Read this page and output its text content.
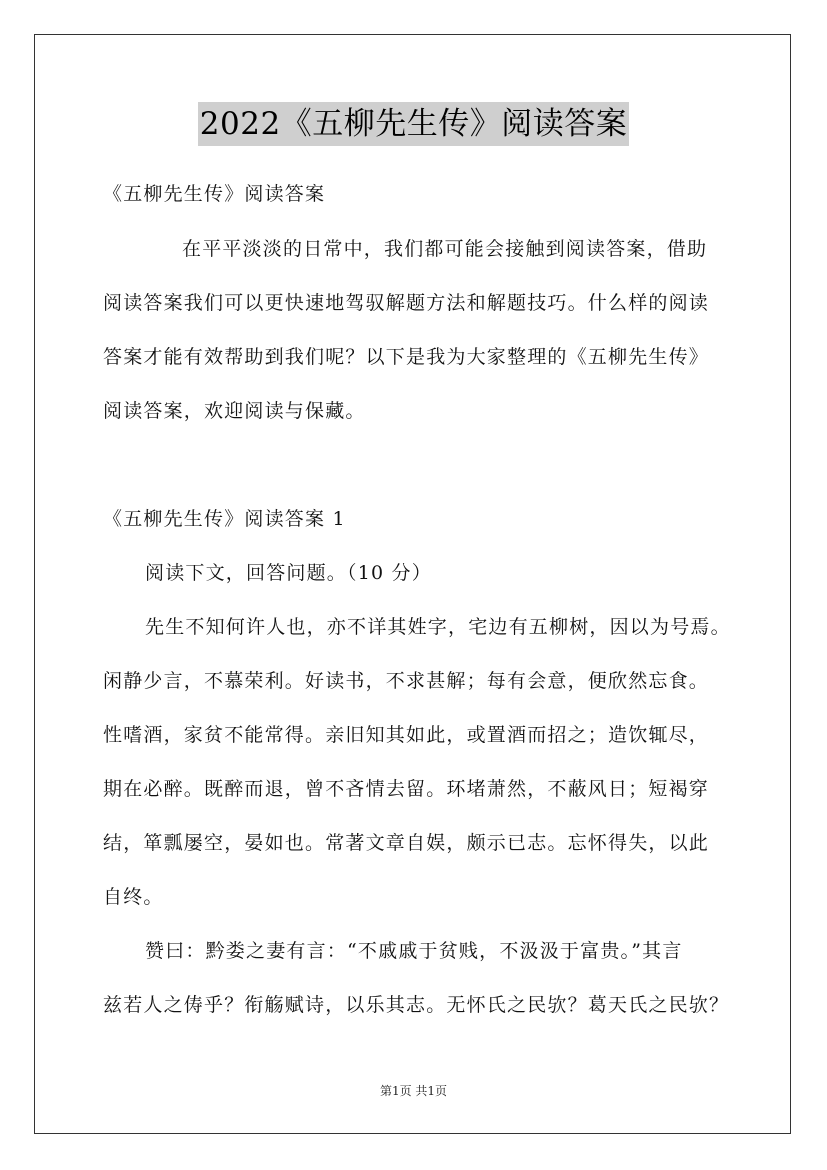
2022《五柳先生传》阅读答案
《五柳先生传》阅读答案
在平平淡淡的日常中，我们都可能会接触到阅读答案，借助
阅读答案我们可以更快速地驾驭解题方法和解题技巧。什么样的阅读
答案才能有效帮助到我们呢？以下是我为大家整理的《五柳先生传》
阅读答案，欢迎阅读与保藏。
《五柳先生传》阅读答案 1
阅读下文，回答问题。（10 分）
先生不知何许人也，亦不详其姓字，宅边有五柳树，因以为号焉。
闲静少言，不慕荣利。好读书，不求甚解；每有会意，便欣然忘食。
性嗜酒，家贫不能常得。亲旧知其如此，或置酒而招之；造饮辄尽，
期在必醉。既醉而退，曾不吝情去留。环堵萧然，不蔽风日；短褐穿
结，箪瓢屡空，晏如也。常著文章自娱，颇示已志。忘怀得失，以此
自终。
赞曰：黔娄之妻有言：“不戚戚于贫贱，不汲汲于富贵。”其言
兹若人之俦乎？衔觞赋诗，以乐其志。无怀氏之民欤？葛天氏之民欤？
第1页 共1页
